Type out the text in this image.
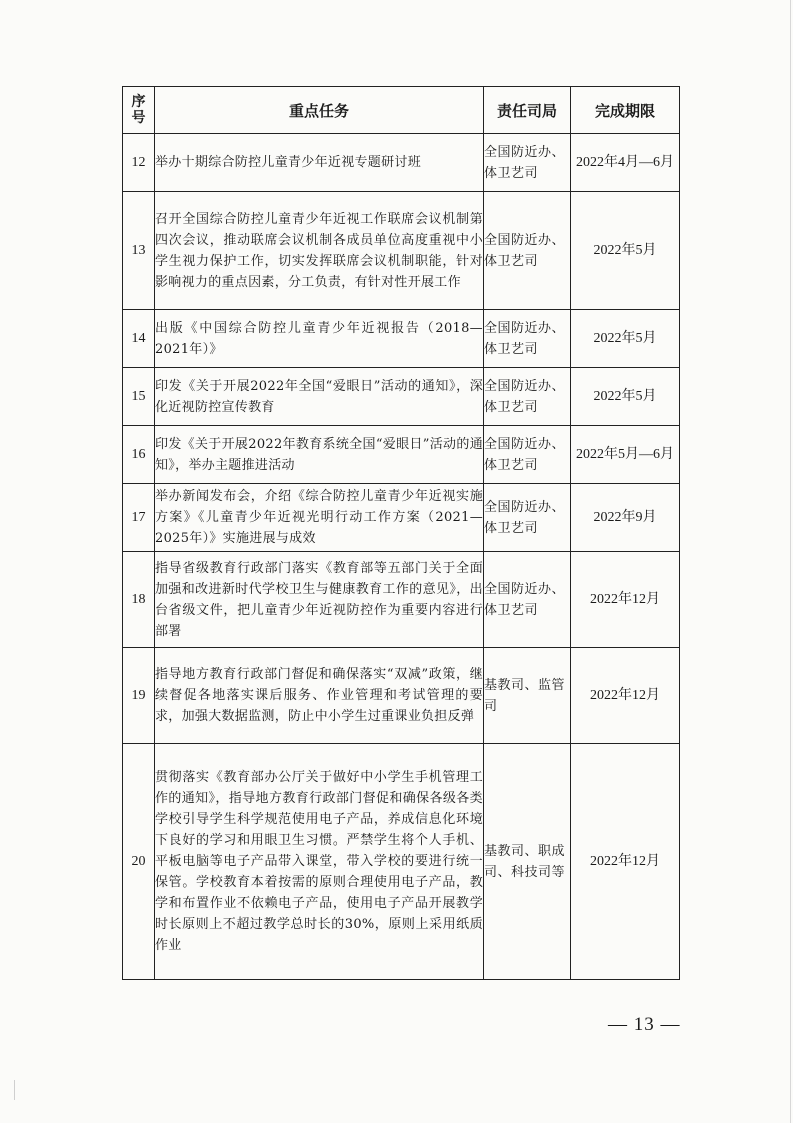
序号	重点任务	责任司局	完成期限
12	举办十期综合防控儿童青少年近视专题研讨班	全国防近办、体卫艺司	2022年4月—6月
13	召开全国综合防控儿童青少年近视工作联席会议机制第四次会议，推动联席会议机制各成员单位高度重视中小学生视力保护工作，切实发挥联席会议机制职能，针对影响视力的重点因素，分工负责，有针对性开展工作	全国防近办、体卫艺司	2022年5月
14	出版《中国综合防控儿童青少年近视报告（2018—2021年）》	全国防近办、体卫艺司	2022年5月
15	印发《关于开展2022年全国“爱眼日”活动的通知》，深化近视防控宣传教育	全国防近办、体卫艺司	2022年5月
16	印发《关于开展2022年教育系统全国“爱眼日”活动的通知》，举办主题推进活动	全国防近办、体卫艺司	2022年5月—6月
17	举办新闻发布会，介绍《综合防控儿童青少年近视实施方案》《儿童青少年近视光明行动工作方案（2021—2025年）》实施进展与成效	全国防近办、体卫艺司	2022年9月
18	指导省级教育行政部门落实《教育部等五部门关于全面加强和改进新时代学校卫生与健康教育工作的意见》，出台省级文件，把儿童青少年近视防控作为重要内容进行部署	全国防近办、体卫艺司	2022年12月
19	指导地方教育行政部门督促和确保落实“双减”政策，继续督促各地落实课后服务、作业管理和考试管理的要求，加强大数据监测，防止中小学生过重课业负担反弹	基教司、监管司	2022年12月
20	贯彻落实《教育部办公厅关于做好中小学生手机管理工作的通知》，指导地方教育行政部门督促和确保各级各类学校引导学生科学规范使用电子产品，养成信息化环境下良好的学习和用眼卫生习惯。严禁学生将个人手机、平板电脑等电子产品带入课堂，带入学校的要进行统一保管。学校教育本着按需的原则合理使用电子产品，教学和布置作业不依赖电子产品，使用电子产品开展教学时长原则上不超过教学总时长的30%，原则上采用纸质作业	基教司、职成司、科技司等	2022年12月
— 13 —
